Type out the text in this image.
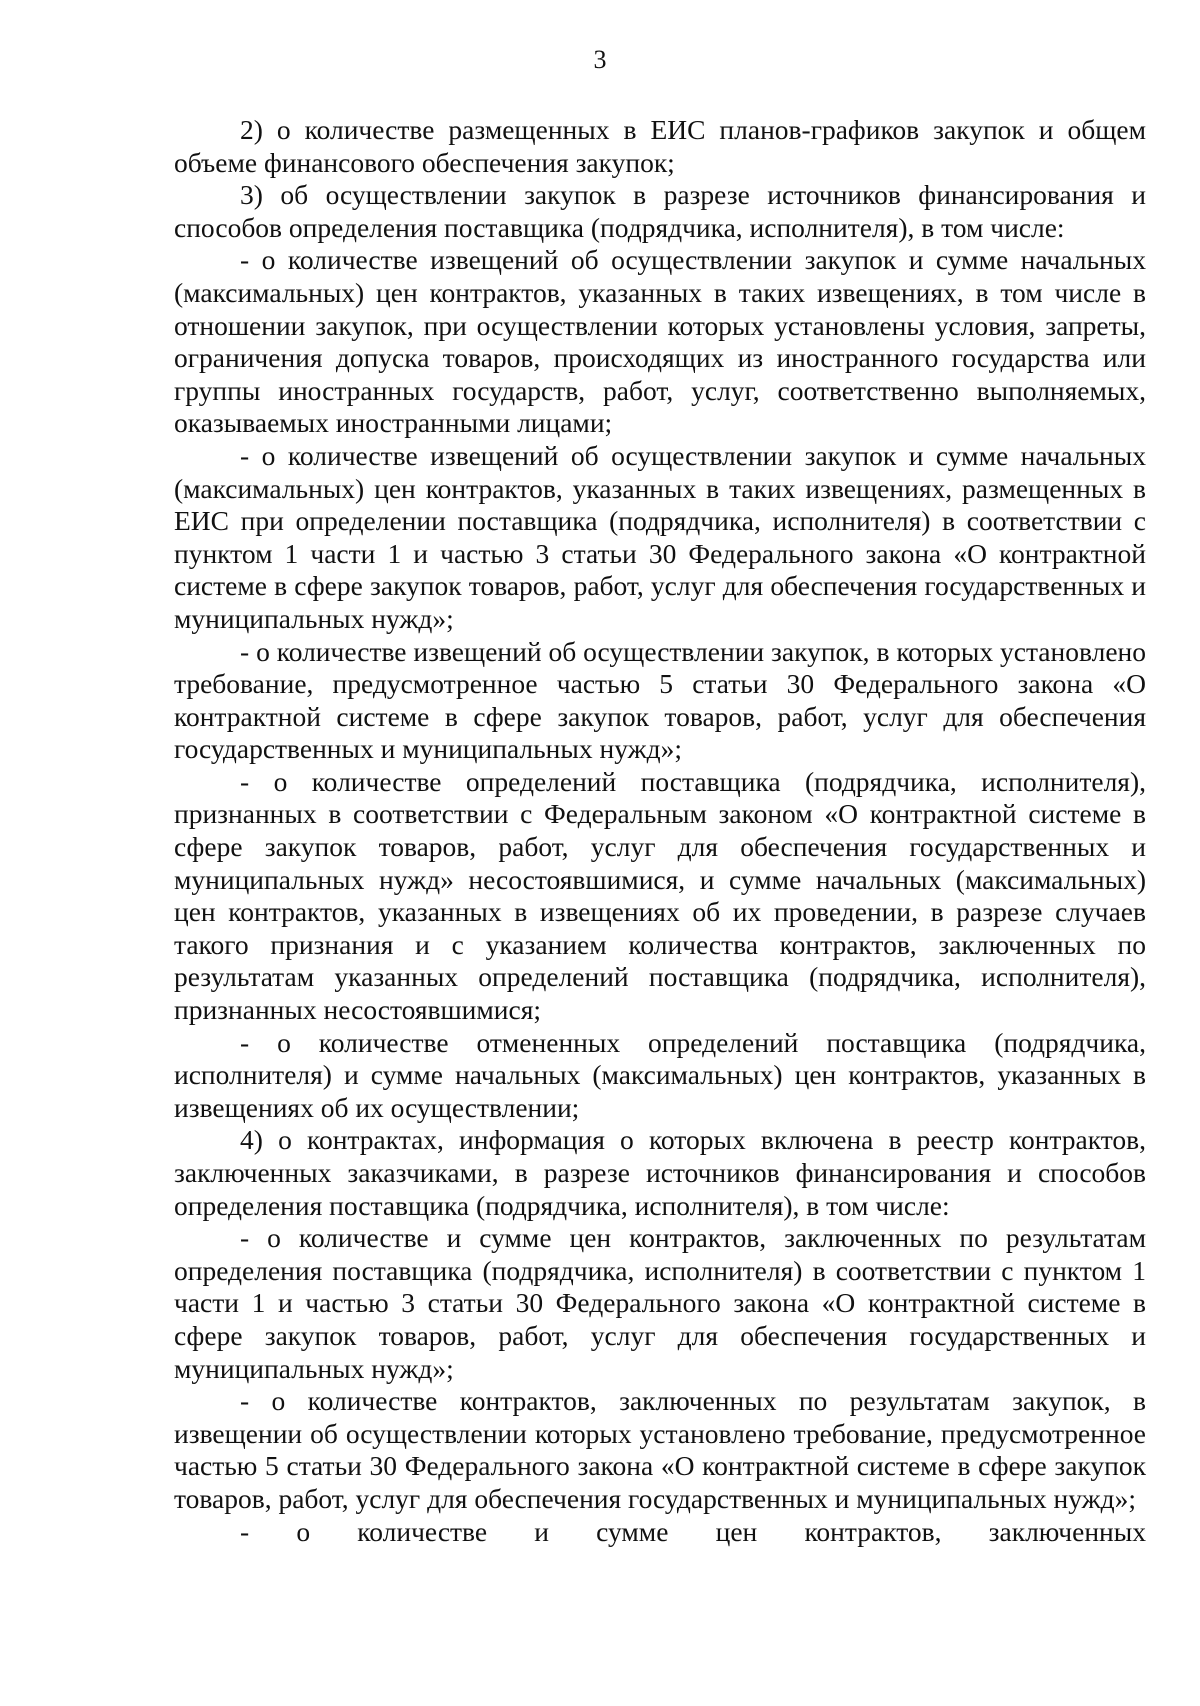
3

2) о количестве размещенных в ЕИС планов-графиков закупок и общем объеме финансового обеспечения закупок;

3) об осуществлении закупок в разрезе источников финансирования и способов определения поставщика (подрядчика, исполнителя), в том числе:

- о количестве извещений об осуществлении закупок и сумме начальных (максимальных) цен контрактов, указанных в таких извещениях, в том числе в отношении закупок, при осуществлении которых установлены условия, запреты, ограничения допуска товаров, происходящих из иностранного государства или группы иностранных государств, работ, услуг, соответственно выполняемых, оказываемых иностранными лицами;

- о количестве извещений об осуществлении закупок и сумме начальных (максимальных) цен контрактов, указанных в таких извещениях, размещенных в ЕИС при определении поставщика (подрядчика, исполнителя) в соответствии с пунктом 1 части 1 и частью 3 статьи 30 Федерального закона «О контрактной системе в сфере закупок товаров, работ, услуг для обеспечения государственных и муниципальных нужд»;

- о количестве извещений об осуществлении закупок, в которых установлено требование, предусмотренное частью 5 статьи 30 Федерального закона «О контрактной системе в сфере закупок товаров, работ, услуг для обеспечения государственных и муниципальных нужд»;

- о количестве определений поставщика (подрядчика, исполнителя), признанных в соответствии с Федеральным законом «О контрактной системе в сфере закупок товаров, работ, услуг для обеспечения государственных и муниципальных нужд» несостоявшимися, и сумме начальных (максимальных) цен контрактов, указанных в извещениях об их проведении, в разрезе случаев такого признания и с указанием количества контрактов, заключенных по результатам указанных определений поставщика (подрядчика, исполнителя), признанных несостоявшимися;

- о количестве отмененных определений поставщика (подрядчика, исполнителя) и сумме начальных (максимальных) цен контрактов, указанных в извещениях об их осуществлении;

4) о контрактах, информация о которых включена в реестр контрактов, заключенных заказчиками, в разрезе источников финансирования и способов определения поставщика (подрядчика, исполнителя), в том числе:

- о количестве и сумме цен контрактов, заключенных по результатам определения поставщика (подрядчика, исполнителя) в соответствии с пунктом 1 части 1 и частью 3 статьи 30 Федерального закона «О контрактной системе в сфере закупок товаров, работ, услуг для обеспечения государственных и муниципальных нужд»;

- о количестве контрактов, заключенных по результатам закупок, в извещении об осуществлении которых установлено требование, предусмотренное частью 5 статьи 30 Федерального закона «О контрактной системе в сфере закупок товаров, работ, услуг для обеспечения государственных и муниципальных нужд»;

- о количестве и сумме цен контрактов, заключенных
